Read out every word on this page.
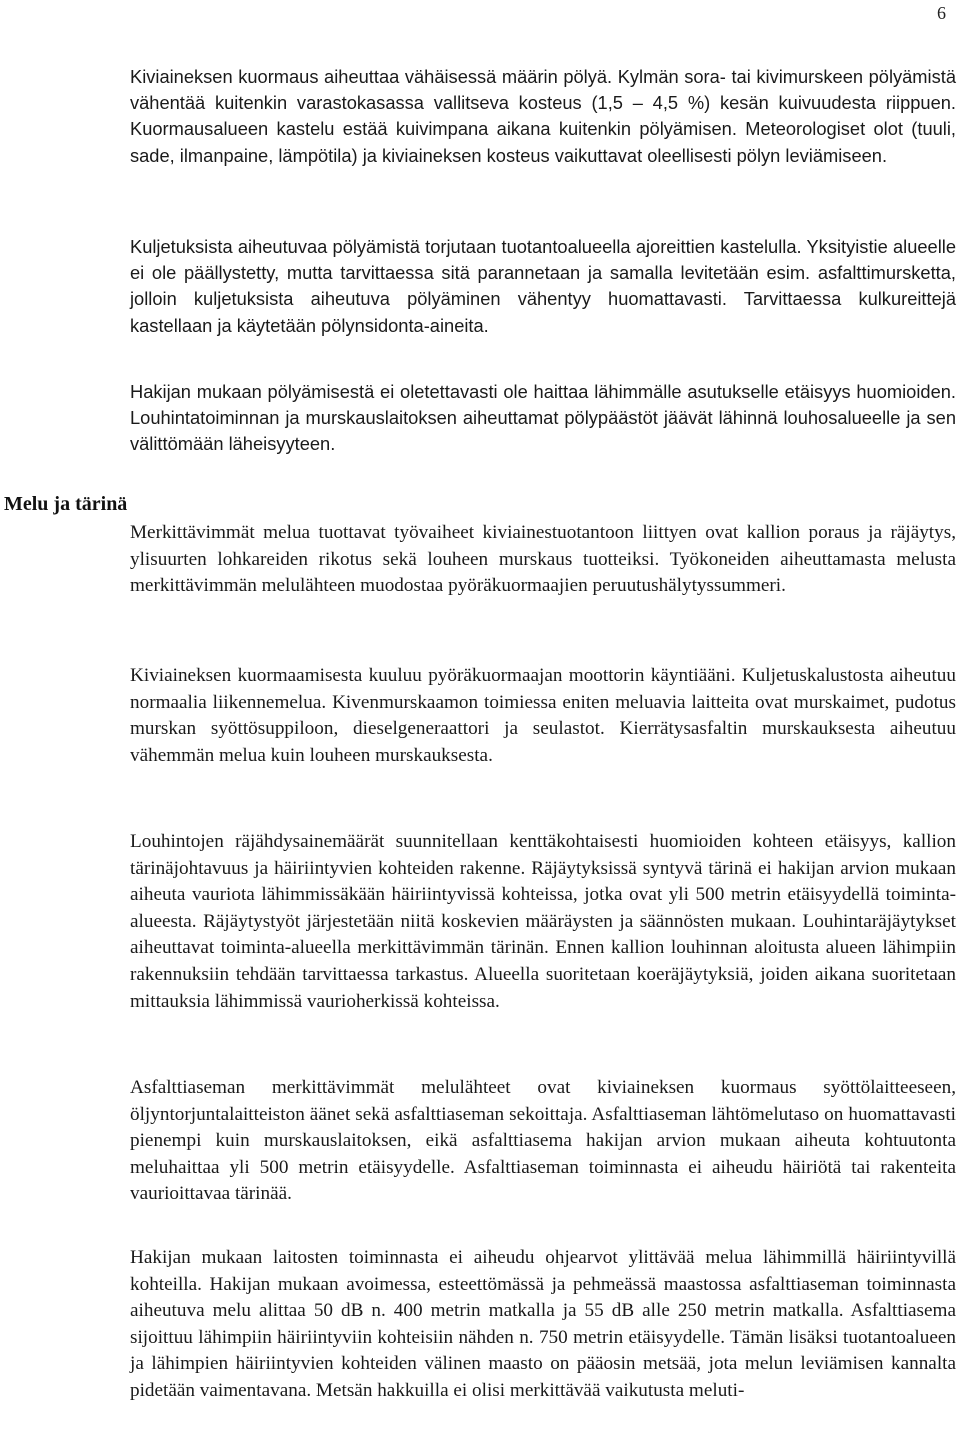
6

Kiviaineksen kuormaus aiheuttaa vähäisessä määrin pölyä. Kylmän sora- tai kivimurskeen pölyämistä vähentää kuitenkin varastokasassa vallitseva kosteus (1,5 – 4,5 %) kesän kuivuudesta riippuen. Kuormausalueen kastelu estää kuivimpana aikana kuitenkin pölyämisen. Meteorologiset olot (tuuli, sade, ilmanpaine, lämpötila) ja kiviaineksen kosteus vaikuttavat oleellisesti pölyn leviämiseen.

Kuljetuksista aiheutuvaa pölyämistä torjutaan tuotantoalueella ajoreittien kastelulla. Yksityistie alueelle ei ole päällystetty, mutta tarvittaessa sitä parannetaan ja samalla levitetään esim. asfalttimursketta, jolloin kuljetuksista aiheutuva pölyäminen vähentyy huomattavasti. Tarvittaessa kulkureittejä kastellaan ja käytetään pölynsidonta-aineita.

Hakijan mukaan pölyämisestä ei oletettavasti ole haittaa lähimmälle asutukselle etäisyys huomioiden. Louhintatoiminnan ja murskauslaitoksen aiheuttamat pölypäästöt jäävät lähinnä louhosalueelle ja sen välittömään läheisyyteen.

Melu ja tärinä

Merkittävimmät melua tuottavat työvaiheet kiviainestuotantoon liittyen ovat kallion poraus ja räjäytys, ylisuurten lohkareiden rikotus sekä louheen murskaus tuotteiksi. Työkoneiden aiheuttamasta melusta merkittävimmän melulähteen muodostaa pyöräkuormaajien peruutushälytyssummeri.

Kiviaineksen kuormaamisesta kuuluu pyöräkuormaajan moottorin käyntiääni. Kuljetuskalustosta aiheutuu normaalia liikennemelua. Kivenmurskaamon toimiessa eniten meluavia laitteita ovat murskaimet, pudotus murskan syöttösuppiloon, dieselgeneraattori ja seulastot. Kierrätysasfaltin murskauksesta aiheutuu vähemmän melua kuin louheen murskauksesta.

Louhintojen räjähdysainemäärät suunnitellaan kenttäkohtaisesti huomioiden kohteen etäisyys, kallion tärinäjohtavuus ja häiriintyvien kohteiden rakenne. Räjäytyksissä syntyvä tärinä ei hakijan arvion mukaan aiheuta vauriota lähimmissäkään häiriintyvissä kohteissa, jotka ovat yli 500 metrin etäisyydellä toiminta-alueesta. Räjäytystyöt järjestetään niitä koskevien määräysten ja säännösten mukaan. Louhintaräjäytykset aiheuttavat toiminta-alueella merkittävimmän tärinän. Ennen kallion louhinnan aloitusta alueen lähimpiin rakennuksiin tehdään tarvittaessa tarkastus. Alueella suoritetaan koeräjäytyksiä, joiden aikana suoritetaan mittauksia lähimmissä vaurioherkissä kohteissa.

Asfalttiaseman merkittävimmät melulähteet ovat kiviaineksen kuormaus syöttölaitteeseen, öljyntorjuntalaitteiston äänet sekä asfalttiaseman sekoittaja. Asfalttiaseman lähtömelutaso on huomattavasti pienempi kuin murskauslaitoksen, eikä asfalttiasema hakijan arvion mukaan aiheuta kohtuutonta meluhaittaa yli 500 metrin etäisyydelle. Asfalttiaseman toiminnasta ei aiheudu häiriötä tai rakenteita vaurioittavaa tärinää.

Hakijan mukaan laitosten toiminnasta ei aiheudu ohjearvot ylittävää melua lähimmillä häiriintyvillä kohteilla. Hakijan mukaan avoimessa, esteettömässä ja pehmeässä maastossa asfalttiaseman toiminnasta aiheutuva melu alittaa 50 dB n. 400 metrin matkalla ja 55 dB alle 250 metrin matkalla. Asfalttiasema sijoittuu lähimpiin häiriintyviin kohteisiin nähden n. 750 metrin etäisyydelle. Tämän lisäksi tuotantoalueen ja lähimpien häiriintyvien kohteiden välinen maasto on pääosin metsää, jota melun leviämisen kannalta pidetään vaimentavana. Metsän hakkuilla ei olisi merkittävää vaikutusta meluti-
